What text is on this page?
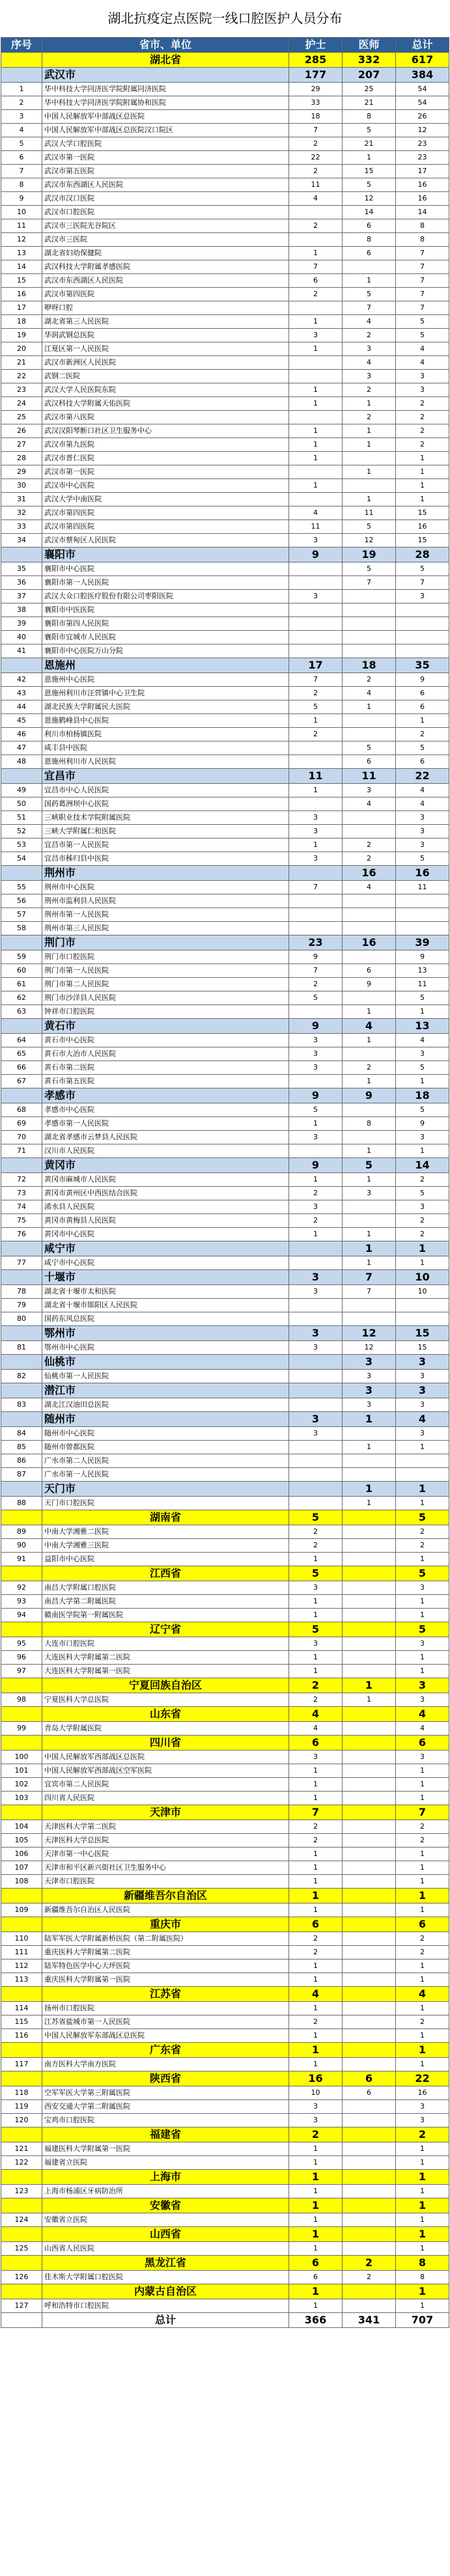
湖北抗疫定点医院一线口腔医护人员分布
序号	省市、单位	护士	医师	总计
	湖北省	285	332	617
	武汉市	177	207	384
1	华中科技大学同济医学院附属同济医院	29	25	54
2	华中科技大学同济医学院附属协和医院	33	21	54
3	中国人民解放军中部战区总医院	18	8	26
4	中国人民解放军中部战区总医院汉口院区	7	5	12
5	武汉大学口腔医院	2	21	23
6	武汉市第一医院	22	1	23
7	武汉市第五医院	2	15	17
8	武汉市东西湖区人民医院	11	5	16
9	武汉市汉口医院	4	12	16
10	武汉市口腔医院		14	14
11	武汉市三医院光谷院区	2	6	8
12	武汉市三医院		8	8
13	湖北省妇幼保健院	1	6	7
14	武汉科技大学附属孝感医院	7		7
15	武汉市东西湖区人民医院	6	1	7
16	武汉市第四医院	2	5	7
17	咿呀口腔		7	7
18	湖北省第三人民医院	1	4	5
19	华润武钢总医院	3	2	5
20	江夏区第一人民医院	1	3	4
21	武汉市新洲区人民医院		4	4
22	武钢二医院		3	3
23	武汉大学人民医院东院	1	2	3
24	武汉科技大学附属天佑医院	1	1	2
25	武汉市第八医院		2	2
26	武汉汉阳琴断口社区卫生服务中心	1	1	2
27	武汉市第九医院	1	1	2
28	武汉市普仁医院	1		1
29	武汉市第一医院		1	1
30	武汉市中心医院	1		1
31	武汉大学中南医院		1	1
32	武汉市第四医院	4	11	15
33	武汉市第四医院	11	5	16
34	武汉市蔡甸区人民医院	3	12	15
	襄阳市	9	19	28
35	襄阳市中心医院		5	5
36	襄阳市第一人民医院		7	7
37	武汉大众口腔医疗股份有限公司枣阳医院	3		3
38	襄阳市中医医院			
39	襄阳市第四人民医院			
40	襄阳市宜城市人民医院			
41	襄阳市中心医院万山分院			
	恩施州	17	18	35
42	恩施州中心医院	7	2	9
43	恩施州利川市汪营镇中心卫生院	2	4	6
44	湖北民族大学附属民大医院	5	1	6
45	恩施鹤峰县中心医院	1		1
46	利川市柏杨镇医院	2		2
47	咸丰县中医院		5	5
48	恩施州利川市人民医院		6	6
	宜昌市	11	11	22
49	宜昌市中心人民医院	1	3	4
50	国药葛洲坝中心医院		4	4
51	三峡职业技术学院附属医院	3		3
52	三峡大学附属仁和医院	3		3
53	宜昌市第一人民医院	1	2	3
54	宜昌市秭归县中医院	3	2	5
	荆州市		16	16
55	荆州市中心医院	7	4	11
56	荆州市监利县人民医院			
57	荆州市第一人民医院			
58	荆州市第三人民医院			
	荆门市	23	16	39
59	荆门市口腔医院	9		9
60	荆门市第一人民医院	7	6	13
61	荆门市第二人民医院	2	9	11
62	荆门市沙洋县人民医院	5		5
63	钟祥市口腔医院		1	1
	黄石市	9	4	13
64	黄石市中心医院	3	1	4
65	黄石市大冶市人民医院	3		3
66	黄石市第二医院	3	2	5
67	黄石市第五医院		1	1
	孝感市	9	9	18
68	孝感市中心医院	5		5
69	孝感市第一人民医院	1	8	9
70	湖北省孝感市云梦县人民医院	3		3
71	汉川市人民医院		1	1
	黄冈市	9	5	14
72	黄冈市麻城市人民医院	1	1	2
73	黄冈市黄州区中西医结合医院	2	3	5
74	浠水县人民医院	3		3
75	黄冈市黄梅县人民医院	2		2
76	黄冈市中心医院	1	1	2
	咸宁市		1	1
77	咸宁市中心医院		1	1
	十堰市	3	7	10
78	湖北省十堰市太和医院	3	7	10
79	湖北省十堰市郧阳区人民医院			
80	国药东风总医院			
	鄂州市	3	12	15
81	鄂州市中心医院	3	12	15
	仙桃市		3	3
82	仙桃市第一人民医院		3	3
	潜江市		3	3
83	湖北江汉油田总医院		3	3
	随州市	3	1	4
84	随州市中心医院	3		3
85	随州市曾都医院		1	1
86	广水市第二人民医院			
87	广水市第一人民医院			
	天门市		1	1
88	天门市口腔医院		1	1
	湖南省	5		5
89	中南大学湘雅二医院	2		2
90	中南大学湘雅三医院	2		2
91	益阳市中心医院	1		1
	江西省	5		5
92	南昌大学附属口腔医院	3		3
93	南昌大学第二附属医院	1		1
94	赣南医学院第一附属医院	1		1
	辽宁省	5		5
95	大连市口腔医院	3		3
96	大连医科大学附属第二医院	1		1
97	大连医科大学附属第一医院	1		1
	宁夏回族自治区	2	1	3
98	宁夏医科大学总医院	2	1	3
	山东省	4		4
99	青岛大学附属医院	4		4
	四川省	6		6
100	中国人民解放军西部战区总医院	3		3
101	中国人民解放军西部战区空军医院	1		1
102	宜宾市第二人民医院	1		1
103	四川省人民医院	1		1
	天津市	7		7
104	天津医科大学第二医院	2		2
105	天津医科大学总医院	2		2
106	天津市第一中心医院	1		1
107	天津市和平区新兴街社区卫生服务中心	1		1
108	天津市口腔医院	1		1
	新疆维吾尔自治区	1		1
109	新疆维吾尔自治区人民医院	1		1
	重庆市	6		6
110	陆军军医大学附属新桥医院（第二附属医院）	2		2
111	重庆医科大学附属第二医院	2		2
112	陆军特色医学中心大坪医院	1		1
113	重庆医科大学附属第一医院	1		1
	江苏省	4		4
114	扬州市口腔医院	1		1
115	江苏省盐城市第一人民医院	2		2
116	中国人民解放军东部战区总医院	1		1
	广东省	1		1
117	南方医科大学南方医院	1		1
	陕西省	16	6	22
118	空军军医大学第三附属医院	10	6	16
119	西安交通大学第二附属医院	3		3
120	宝鸡市口腔医院	3		3
	福建省	2		2
121	福建医科大学附属第一医院	1		1
122	福建省立医院	1		1
	上海市	1		1
123	上海市杨浦区牙病防治所	1		1
	安徽省	1		1
124	安徽省立医院	1		1
	山西省	1		1
125	山西省人民医院	1		1
	黑龙江省	6	2	8
126	佳木斯大学附属口腔医院	6	2	8
	内蒙古自治区	1		1
127	呼和浩特市口腔医院	1		1
	总计	366	341	707
